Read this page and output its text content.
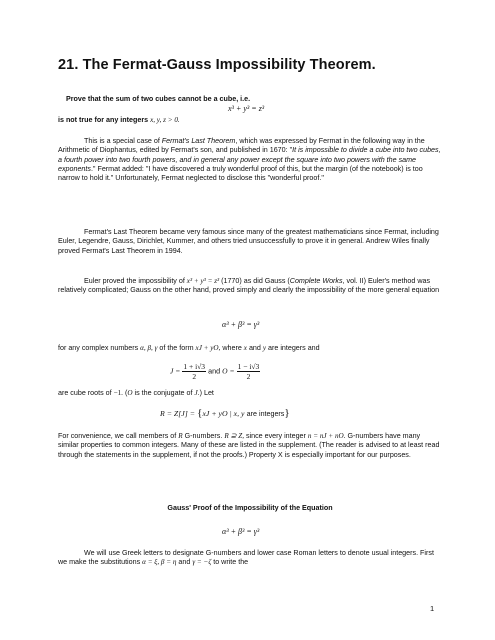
21. The Fermat-Gauss Impossibility Theorem.
Prove that the sum of two cubes cannot be a cube, i.e.
x³ + y³ = z³
is not true for any integers x, y, z > 0.
This is a special case of Fermat's Last Theorem, which was expressed by Fermat in the following way in the Arithmetic of Diophantus, edited by Fermat's son, and published in 1670: "It is impossible to divide a cube into two cubes, a fourth power into two fourth powers, and in general any power except the square into two powers with the same exponents." Fermat added: "I have discovered a truly wonderful proof of this, but the margin (of the notebook) is too narrow to hold it." Unfortunately, Fermat neglected to disclose this "wonderful proof."
Fermat's Last Theorem became very famous since many of the greatest mathematicians since Fermat, including Euler, Legendre, Gauss, Dirichlet, Kummer, and others tried unsuccessfully to prove it in general. Andrew Wiles finally proved Fermat's Last Theorem in 1994.
Euler proved the impossibility of x³ + y³ = z³ (1770) as did Gauss (Complete Works, vol. II) Euler's method was relatively complicated; Gauss on the other hand, proved simply and clearly the impossibility of the more general equation
α³ + β³ = γ³
for any complex numbers α, β, γ of the form xJ + yO, where x and y are integers and
$J = \frac{1 + i√3}{2}$ and $O = \frac{1 - i√3}{2}$
are cube roots of −1. (O is the conjugate of J.) Let
R = Z[J] = {xJ + yO | x, y are integers}
For convenience, we call members of R G-numbers. R ⊇ Z, since every integer n = nJ + nO. G-numbers have many similar properties to common integers. Many of these are listed in the supplement. (The reader is advised to at least read through the statements in the supplement, if not the proofs.) Property X is especially important for our purposes.
Gauss' Proof of the Impossibility of the Equation
α³ + β³ = γ³
We will use Greek letters to designate G-numbers and lower case Roman letters to denote usual integers. First we make the substitutions α = ξ, β = η and γ = −ζ to write the
1
